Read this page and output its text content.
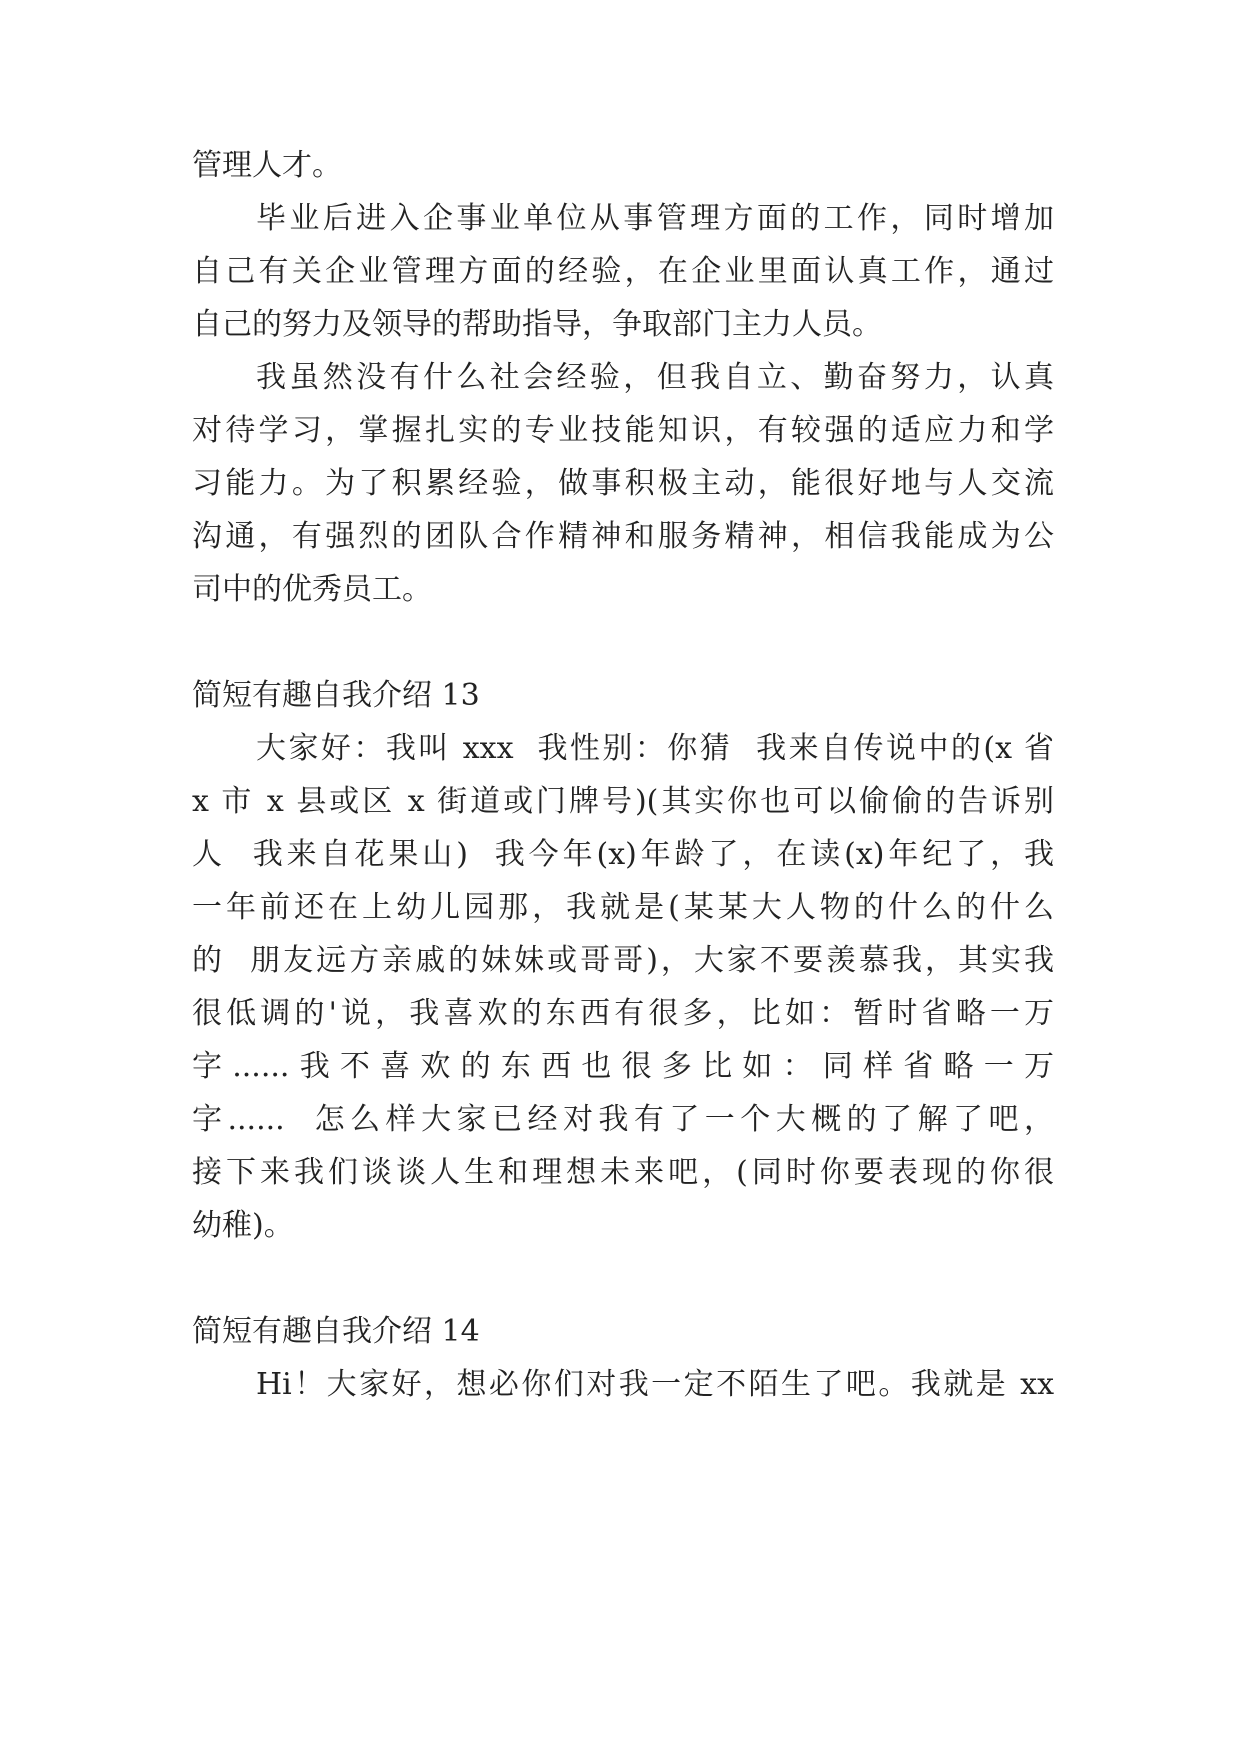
管理人才。
毕业后进入企事业单位从事管理方面的工作，同时增加
自己有关企业管理方面的经验，在企业里面认真工作，通过
自己的努力及领导的帮助指导，争取部门主力人员。
我虽然没有什么社会经验，但我自立、勤奋努力，认真
对待学习，掌握扎实的专业技能知识，有较强的适应力和学
习能力。为了积累经验，做事积极主动，能很好地与人交流
沟通，有强烈的团队合作精神和服务精神，相信我能成为公
司中的优秀员工。
简短有趣自我介绍 13
大家好：我叫 xxx  我性别：你猜  我来自传说中的(x 省
x 市 x 县或区 x 街道或门牌号)(其实你也可以偷偷的告诉别
人  我来自花果山)  我今年(x)年龄了，在读(x)年纪了，我
一年前还在上幼儿园那，我就是(某某大人物的什么的什么
的  朋友远方亲戚的妹妹或哥哥)，大家不要羡慕我，其实我
很低调的'说，我喜欢的东西有很多，比如：暂时省略一万
字......我不喜欢的东西也很多比如：同样省略一万
字......  怎么样大家已经对我有了一个大概的了解了吧，
接下来我们谈谈人生和理想未来吧，(同时你要表现的你很
幼稚)。
简短有趣自我介绍 14
Hi！大家好，想必你们对我一定不陌生了吧。我就是 xx
